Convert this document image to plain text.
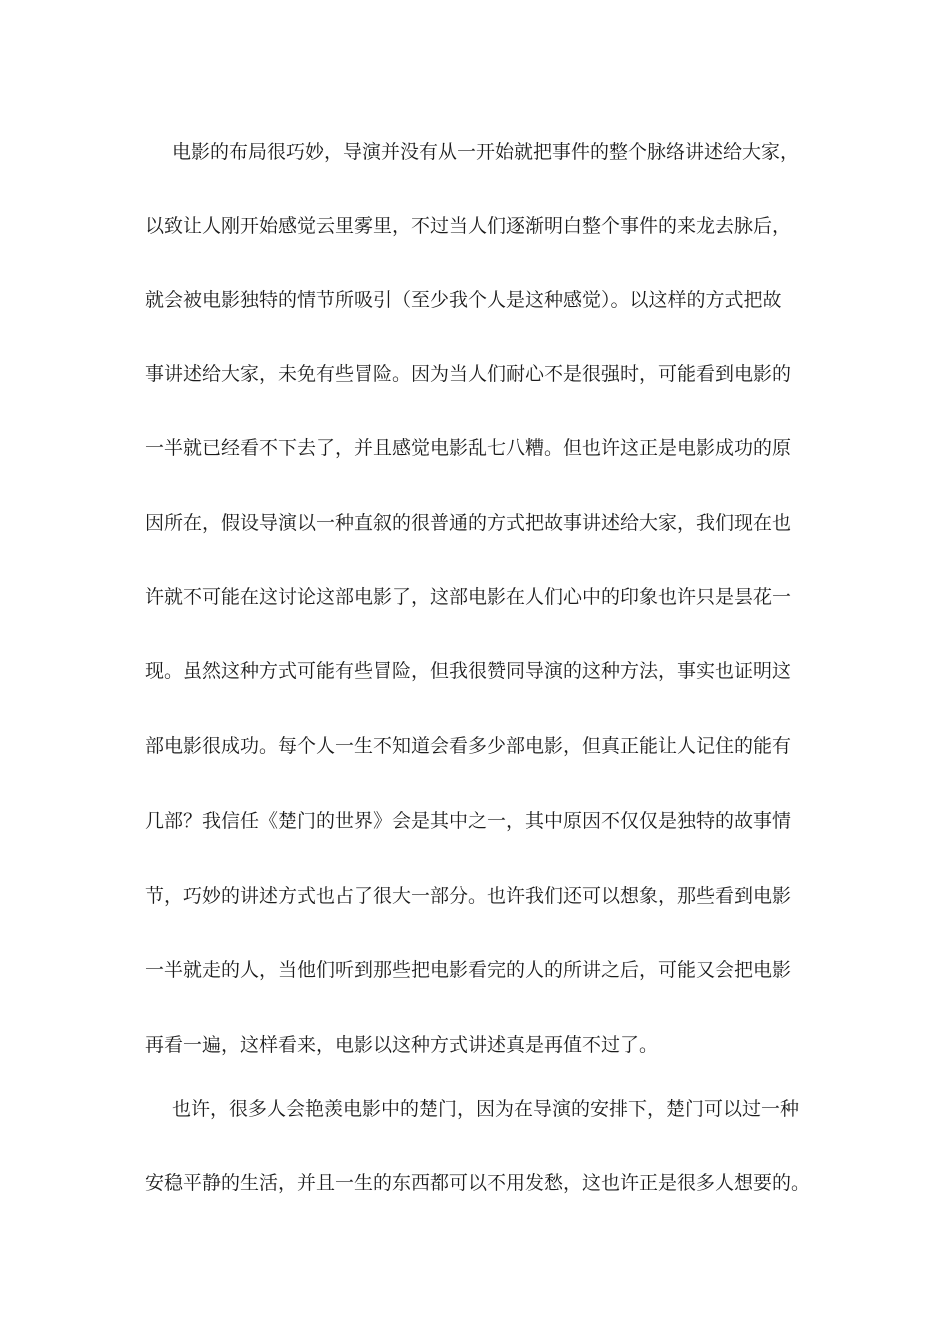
电影的布局很巧妙，导演并没有从一开始就把事件的整个脉络讲述给大家，
以致让人刚开始感觉云里雾里，不过当人们逐渐明白整个事件的来龙去脉后，
就会被电影独特的情节所吸引（至少我个人是这种感觉）。以这样的方式把故
事讲述给大家，未免有些冒险。因为当人们耐心不是很强时，可能看到电影的
一半就已经看不下去了，并且感觉电影乱七八糟。但也许这正是电影成功的原
因所在，假设导演以一种直叙的很普通的方式把故事讲述给大家，我们现在也
许就不可能在这讨论这部电影了，这部电影在人们心中的印象也许只是昙花一
现。虽然这种方式可能有些冒险，但我很赞同导演的这种方法，事实也证明这
部电影很成功。每个人一生不知道会看多少部电影，但真正能让人记住的能有
几部？我信任《楚门的世界》会是其中之一，其中原因不仅仅是独特的故事情
节，巧妙的讲述方式也占了很大一部分。也许我们还可以想象，那些看到电影
一半就走的人，当他们听到那些把电影看完的人的所讲之后，可能又会把电影
再看一遍，这样看来，电影以这种方式讲述真是再值不过了。
也许，很多人会艳羡电影中的楚门，因为在导演的安排下，楚门可以过一种
安稳平静的生活，并且一生的东西都可以不用发愁，这也许正是很多人想要的。
